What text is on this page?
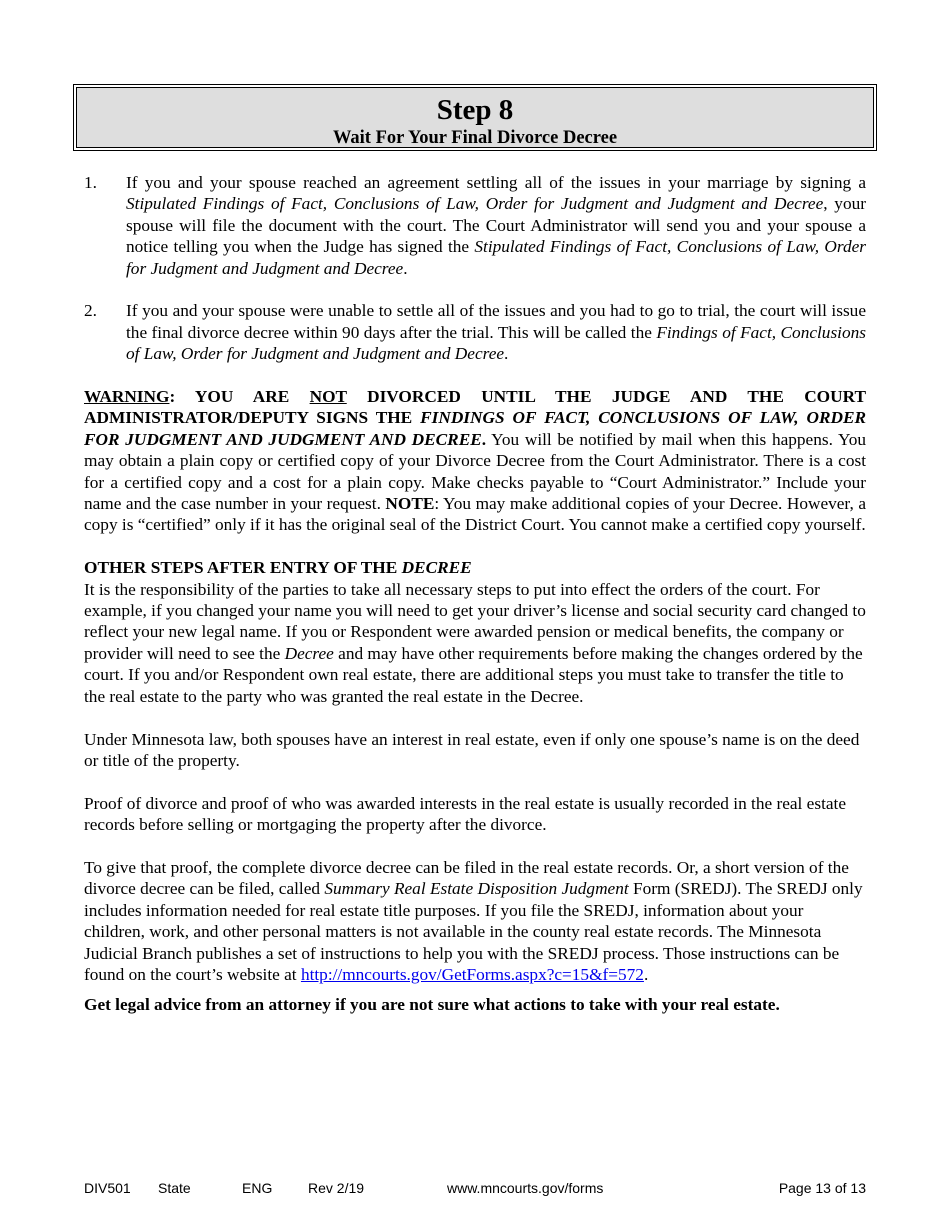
Step 8
Wait For Your Final Divorce Decree
1.	If you and your spouse reached an agreement settling all of the issues in your marriage by signing a Stipulated Findings of Fact, Conclusions of Law, Order for Judgment and Judgment and Decree, your spouse will file the document with the court. The Court Administrator will send you and your spouse a notice telling you when the Judge has signed the Stipulated Findings of Fact, Conclusions of Law, Order for Judgment and Judgment and Decree.
2.	If you and your spouse were unable to settle all of the issues and you had to go to trial, the court will issue the final divorce decree within 90 days after the trial. This will be called the Findings of Fact, Conclusions of Law, Order for Judgment and Judgment and Decree.

WARNING: YOU ARE NOT DIVORCED UNTIL THE JUDGE AND THE COURT ADMINISTRATOR/DEPUTY SIGNS THE FINDINGS OF FACT, CONCLUSIONS OF LAW, ORDER FOR JUDGMENT AND JUDGMENT AND DECREE. You will be notified by mail when this happens. You may obtain a plain copy or certified copy of your Divorce Decree from the Court Administrator. There is a cost for a certified copy and a cost for a plain copy. Make checks payable to “Court Administrator.” Include your name and the case number in your request. NOTE: You may make additional copies of your Decree. However, a copy is “certified” only if it has the original seal of the District Court. You cannot make a certified copy yourself.

OTHER STEPS AFTER ENTRY OF THE DECREE

It is the responsibility of the parties to take all necessary steps to put into effect the orders of the court. For example, if you changed your name you will need to get your driver’s license and social security card changed to reflect your new legal name. If you or Respondent were awarded pension or medical benefits, the company or provider will need to see the Decree and may have other requirements before making the changes ordered by the court. If you and/or Respondent own real estate, there are additional steps you must take to transfer the title to the real estate to the party who was granted the real estate in the Decree.

Under Minnesota law, both spouses have an interest in real estate, even if only one spouse’s name is on the deed or title of the property.

Proof of divorce and proof of who was awarded interests in the real estate is usually recorded in the real estate records before selling or mortgaging the property after the divorce.

To give that proof, the complete divorce decree can be filed in the real estate records. Or, a short version of the divorce decree can be filed, called Summary Real Estate Disposition Judgment Form (SREDJ). The SREDJ only includes information needed for real estate title purposes. If you file the SREDJ, information about your children, work, and other personal matters is not available in the county real estate records. The Minnesota Judicial Branch publishes a set of instructions to help you with the SREDJ process. Those instructions can be found on the court’s website at http://mncourts.gov/GetForms.aspx?c=15&f=572.

Get legal advice from an attorney if you are not sure what actions to take with your real estate.

DIV501 State	ENG	Rev 2/19	www.mncourts.gov/forms	Page 13 of 13
